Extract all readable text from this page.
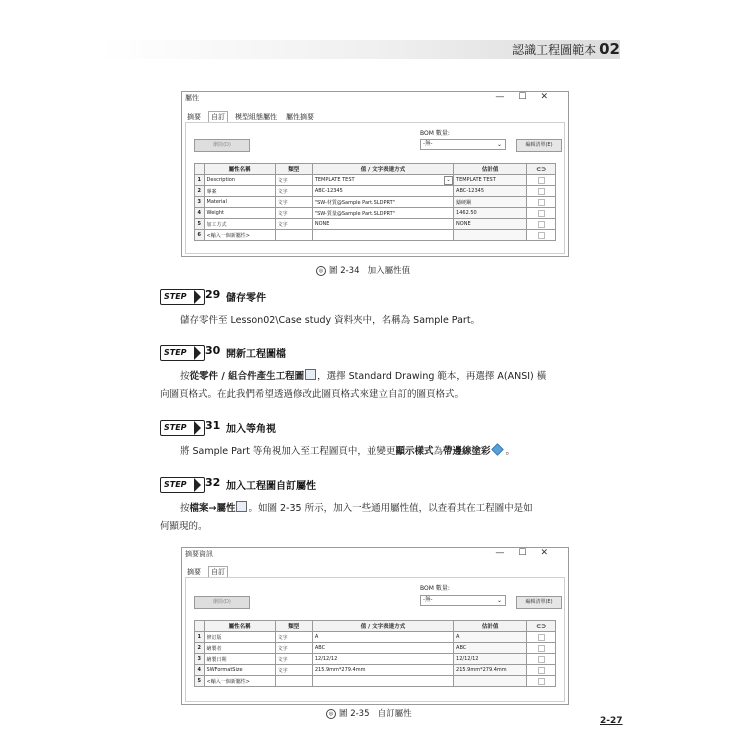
認識工程圖範本 02
屬性	—☐✕
摘要 自訂 模型組態屬性 屬性摘要
BOM 數量:
-無-	⌄
刪除(D)	編輯清單(E)
	屬性名稱	類型	值 / 文字表達方式	估計值	⊂⊃
1	Description	文字	TEMPLATE TEST ⌄	TEMPLATE TEST	
2	專案	文字	ABC-12345	ABC-12345	
3	Material	文字	"SW-材質@Sample Part.SLDPRT"	鑄硬鋼	
4	Weight	文字	"SW-質量@Sample Part.SLDPRT"	1462.50	
5	加工方式	文字	NONE	NONE	
6	<輸入一個新屬性>				
◎ 圖 2-34 加入屬性值
STEP	29 儲存零件
儲存零件至 Lesson02\Case study 資料夾中，名稱為 Sample Part。
STEP	30 開新工程圖檔
按從零件 / 組合件產生工程圖 ，選擇 Standard Drawing 範本，再選擇 A(ANSI) 橫
向圖頁格式。在此我們希望透過修改此圖頁格式來建立自訂的圖頁格式。
STEP	31 加入等角視
將 Sample Part 等角視加入至工程圖頁中，並變更顯示樣式為帶邊線塗彩 。
STEP	32 加入工程圖自訂屬性
按檔案→屬性 。如圖 2-35 所示，加入一些通用屬性值，以查看其在工程圖中是如
何顯現的。
摘要資訊	—☐✕
摘要 自訂
BOM 數量:
-無-	⌄
刪除(D)	編輯清單(E)
	屬性名稱	類型	值 / 文字表達方式	估計值	⊂⊃
1	修訂版	文字	A	A	
2	繪製者	文字	ABC	ABC	
3	繪製日期	文字	12/12/12	12/12/12	
4	SWFormatSize	文字	215.9mm*279.4mm	215.9mm*279.4mm	
5	<輸入一個新屬性>				
◎ 圖 2-35 自訂屬性
2-27
